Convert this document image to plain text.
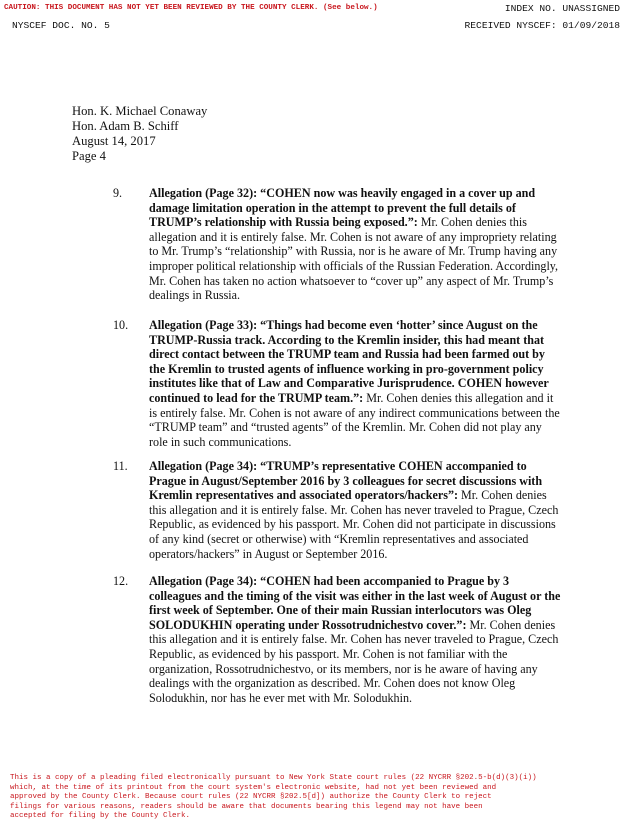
CAUTION: THIS DOCUMENT HAS NOT YET BEEN REVIEWED BY THE COUNTY CLERK. (See below.)	INDEX NO. UNASSIGNED
NYSCEF DOC. NO. 5	RECEIVED NYSCEF: 01/09/2018
Hon. K. Michael Conaway
Hon. Adam B. Schiff
August 14, 2017
Page 4
9. Allegation (Page 32): “COHEN now was heavily engaged in a cover up and damage limitation operation in the attempt to prevent the full details of TRUMP’s relationship with Russia being exposed.”: Mr. Cohen denies this allegation and it is entirely false. Mr. Cohen is not aware of any impropriety relating to Mr. Trump’s “relationship” with Russia, nor is he aware of Mr. Trump having any improper political relationship with officials of the Russian Federation. Accordingly, Mr. Cohen has taken no action whatsoever to “cover up” any aspect of Mr. Trump’s dealings in Russia.
10. Allegation (Page 33): “Things had become even ‘hotter’ since August on the TRUMP-Russia track. According to the Kremlin insider, this had meant that direct contact between the TRUMP team and Russia had been farmed out by the Kremlin to trusted agents of influence working in pro-government policy institutes like that of Law and Comparative Jurisprudence. COHEN however continued to lead for the TRUMP team.”: Mr. Cohen denies this allegation and it is entirely false. Mr. Cohen is not aware of any indirect communications between the “TRUMP team” and “trusted agents” of the Kremlin. Mr. Cohen did not play any role in such communications.
11. Allegation (Page 34): “TRUMP’s representative COHEN accompanied to Prague in August/September 2016 by 3 colleagues for secret discussions with Kremlin representatives and associated operators/hackers”: Mr. Cohen denies this allegation and it is entirely false. Mr. Cohen has never traveled to Prague, Czech Republic, as evidenced by his passport. Mr. Cohen did not participate in discussions of any kind (secret or otherwise) with “Kremlin representatives and associated operators/hackers” in August or September 2016.
12. Allegation (Page 34): “COHEN had been accompanied to Prague by 3 colleagues and the timing of the visit was either in the last week of August or the first week of September. One of their main Russian interlocutors was Oleg SOLODUKHIN operating under Rossotrudnichestvo cover.”: Mr. Cohen denies this allegation and it is entirely false. Mr. Cohen has never traveled to Prague, Czech Republic, as evidenced by his passport. Mr. Cohen is not familiar with the organization, Rossotrudnichestvo, or its members, nor is he aware of having any dealings with the organization as described. Mr. Cohen does not know Oleg Solodukhin, nor has he ever met with Mr. Solodukhin.
This is a copy of a pleading filed electronically pursuant to New York State court rules (22 NYCRR §202.5-b(d)(3)(i))
which, at the time of its printout from the court system's electronic website, had not yet been reviewed and
approved by the County Clerk. Because court rules (22 NYCRR §202.5[d]) authorize the County Clerk to reject
filings for various reasons, readers should be aware that documents bearing this legend may not have been
accepted for filing by the County Clerk.
